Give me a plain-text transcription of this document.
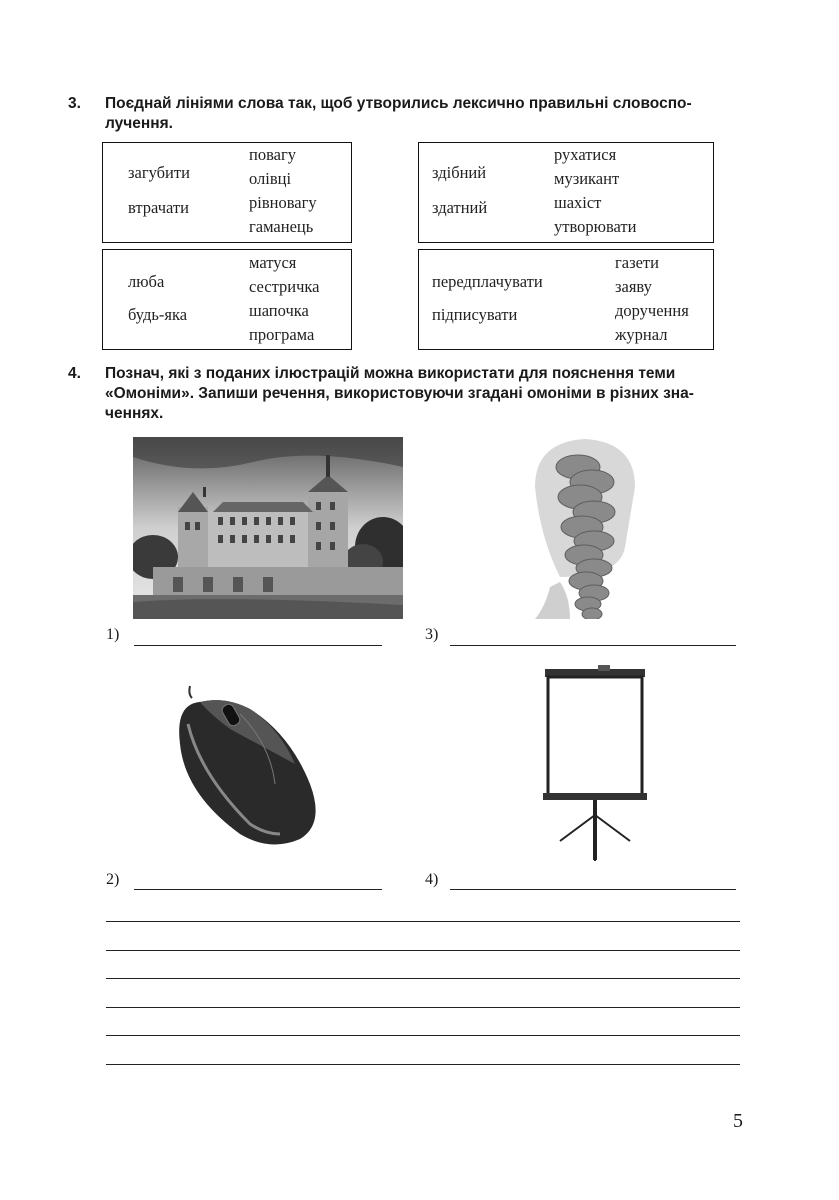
3. Поєднай лініями слова так, щоб утворились лексично правильні словоспо-
лучення.
загубити
втрачати
повагу
олівці
рівновагу
гаманець
здібний
здатний
рухатися
музикант
шахіст
утворювати
люба
будь-яка
матуся
сестричка
шапочка
програма
передплачувати
підписувати
газети
заяву
доручення
журнал
4. Познач, які з поданих ілюстрацій можна використати для пояснення теми
«Омоніми». Запиши речення, використовуючи згадані омоніми в різних зна-
ченнях.
1)	3)
2)	4)
5
